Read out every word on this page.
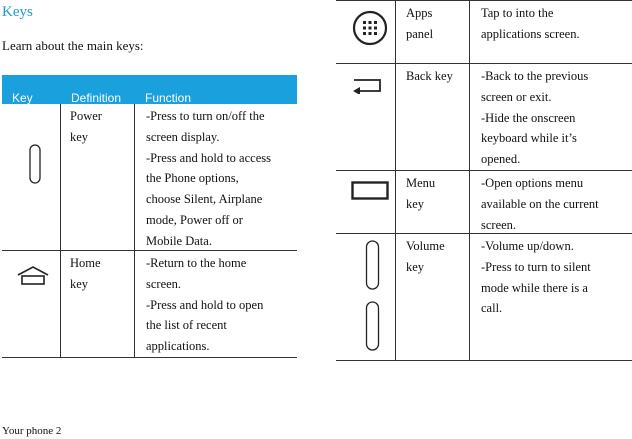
Keys
Learn about the main keys:
Key	Definition Function
Power
key
-Press to turn on/off the
screen display.
-Press and hold to access
the Phone options,
choose Silent, Airplane
mode, Power off or
Mobile Data.
Home
key
-Return to the home
screen.
-Press and hold to open
the list of recent
applications.
Apps
panel
Tap to into the
applications screen.
Back key -Back to the previous
screen or exit.
-Hide the onscreen
keyboard while it’s
opened.
Menu
key
-Open options menu
available on the current
screen.
Volume
key
-Volume up/down.
-Press to turn to silent
mode while there is a
call.
Your phone 2
